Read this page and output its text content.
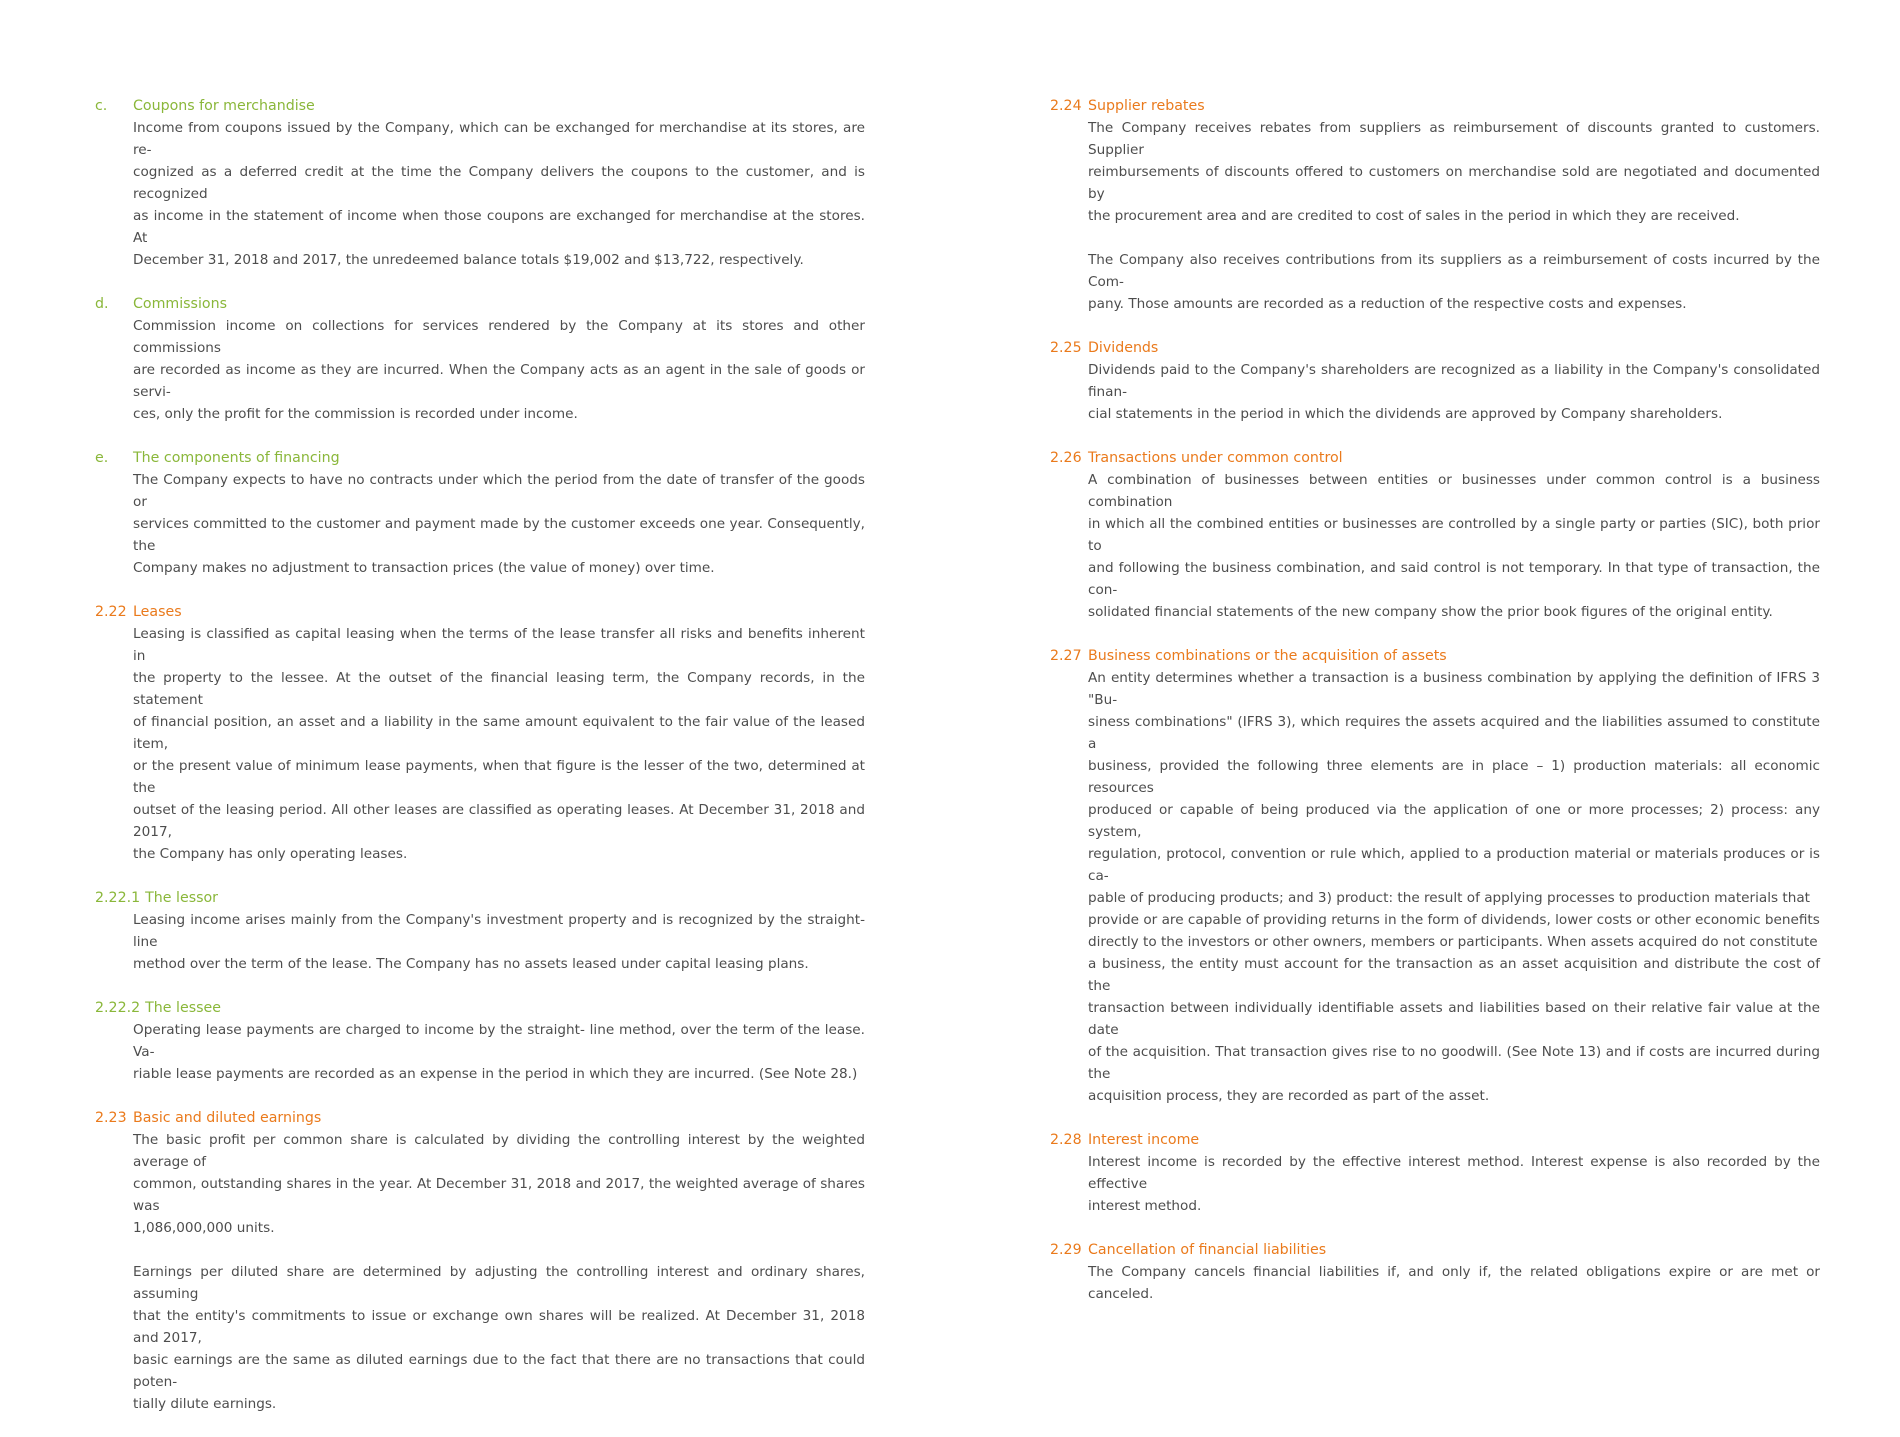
c.	Coupons for merchandise

Income from coupons issued by the Company, which can be exchanged for merchandise at its stores, are re-
cognized as a deferred credit at the time the Company delivers the coupons to the customer, and is recognized
as income in the statement of income when those coupons are exchanged for merchandise at the stores. At
December 31, 2018 and 2017, the unredeemed balance totals $19,002 and $13,722, respectively.

d.	Commissions

Commission income on collections for services rendered by the Company at its stores and other commissions
are recorded as income as they are incurred. When the Company acts as an agent in the sale of goods or servi-
ces, only the profit for the commission is recorded under income.

e.	The components of financing

The Company expects to have no contracts under which the period from the date of transfer of the goods or
services committed to the customer and payment made by the customer exceeds one year. Consequently, the
Company makes no adjustment to transaction prices (the value of money) over time.

2.22 Leases

Leasing is classified as capital leasing when the terms of the lease transfer all risks and benefits inherent in
the property to the lessee. At the outset of the financial leasing term, the Company records, in the statement
of financial position, an asset and a liability in the same amount equivalent to the fair value of the leased item,
or the present value of minimum lease payments, when that figure is the lesser of the two, determined at the
outset of the leasing period. All other leases are classified as operating leases. At December 31, 2018 and 2017,
the Company has only operating leases.

2.22.1 The lessor

Leasing income arises mainly from the Company's investment property and is recognized by the straight- line
method over the term of the lease. The Company has no assets leased under capital leasing plans.

2.22.2 The lessee

Operating lease payments are charged to income by the straight- line method, over the term of the lease. Va-
riable lease payments are recorded as an expense in the period in which they are incurred. (See Note 28.)

2.23 Basic and diluted earnings

The basic profit per common share is calculated by dividing the controlling interest by the weighted average of
common, outstanding shares in the year. At December 31, 2018 and 2017, the weighted average of shares was
1,086,000,000 units.

Earnings per diluted share are determined by adjusting the controlling interest and ordinary shares, assuming
that the entity's commitments to issue or exchange own shares will be realized. At December 31, 2018 and 2017,
basic earnings are the same as diluted earnings due to the fact that there are no transactions that could poten-
tially dilute earnings.

2.24 Supplier rebates

The Company receives rebates from suppliers as reimbursement of discounts granted to customers. Supplier
reimbursements of discounts offered to customers on merchandise sold are negotiated and documented by
the procurement area and are credited to cost of sales in the period in which they are received.

The Company also receives contributions from its suppliers as a reimbursement of costs incurred by the Com-
pany. Those amounts are recorded as a reduction of the respective costs and expenses.

2.25 Dividends

Dividends paid to the Company's shareholders are recognized as a liability in the Company's consolidated finan-
cial statements in the period in which the dividends are approved by Company shareholders.

2.26 Transactions under common control

A combination of businesses between entities or businesses under common control is a business combination
in which all the combined entities or businesses are controlled by a single party or parties (SIC), both prior to
and following the business combination, and said control is not temporary. In that type of transaction, the con-
solidated financial statements of the new company show the prior book figures of the original entity.

2.27 Business combinations or the acquisition of assets

An entity determines whether a transaction is a business combination by applying the definition of IFRS 3 "Bu-
siness combinations" (IFRS 3), which requires the assets acquired and the liabilities assumed to constitute a
business, provided the following three elements are in place – 1) production materials: all economic resources
produced or capable of being produced via the application of one or more processes; 2) process: any system,
regulation, protocol, convention or rule which, applied to a production material or materials produces or is ca-
pable of producing products; and 3) product: the result of applying processes to production materials that
provide or are capable of providing returns in the form of dividends, lower costs or other economic benefits
directly to the investors or other owners, members or participants. When assets acquired do not constitute
a business, the entity must account for the transaction as an asset acquisition and distribute the cost of the
transaction between individually identifiable assets and liabilities based on their relative fair value at the date
of the acquisition. That transaction gives rise to no goodwill. (See Note 13) and if costs are incurred during the
acquisition process, they are recorded as part of the asset.

2.28 Interest income

Interest income is recorded by the effective interest method. Interest expense is also recorded by the effective
interest method.

2.29 Cancellation of financial liabilities

The Company cancels financial liabilities if, and only if, the related obligations expire or are met or canceled.
